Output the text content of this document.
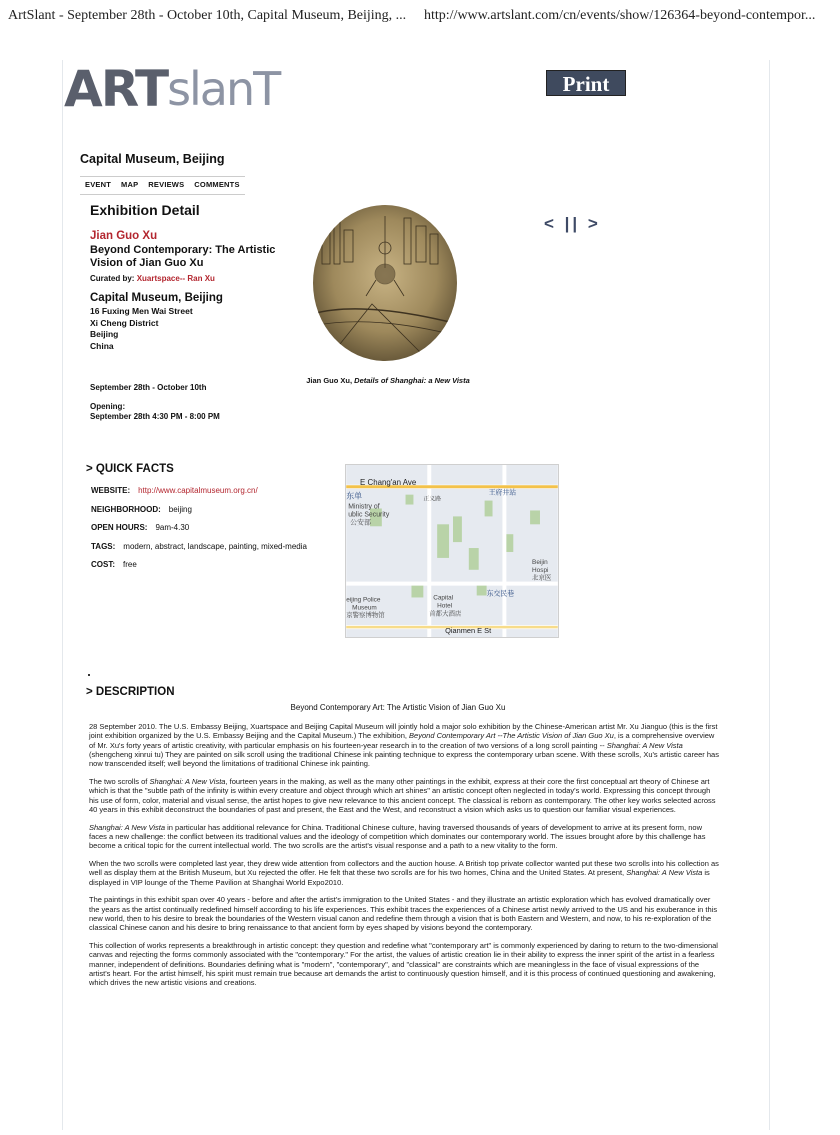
ArtSlant - September 28th - October 10th, Capital Museum, Beijing, ... http://www.artslant.com/cn/events/show/126364-beyond-contempor...
ART slanT	Print
Capital Museum, Beijing
EVENT	MAP	REVIEWS	COMMENTS
Exhibition Detail
Jian Guo Xu
Beyond Contemporary: The Artistic Vision of Jian Guo Xu
Curated by: Xuartspace-- Ran Xu
Capital Museum, Beijing
16 Fuxing Men Wai Street
Xi Cheng District
Beijing
China
September 28th - October 10th
Opening:
September 28th 4:30 PM - 8:00 PM
Jian Guo Xu, Details of Shanghai: a New Vista
< || >
> QUICK FACTS
WEBSITE: http://www.capitalmuseum.org.cn/
NEIGHBORHOOD: beijing
OPEN HOURS: 9am-4.30
TAGS: modern, abstract, landscape, painting, mixed-media
COST: free
E Chang'an Ave
东单	王府井站
Ministry of
ublic Security
公安部
正义路
Beijin
Hospi
北京医
eijing Police
Museum
京警察博物馆
Capital
Hotel
首都大酒店
东交民巷
Qianmen E St
> DESCRIPTION
Beyond Contemporary Art: The Artistic Vision of Jian Guo Xu

28 September 2010. The U.S. Embassy Beijing, Xuartspace and Beijing Capital Museum will jointly hold a major solo exhibition by the Chinese-American artist Mr. Xu Jianguo (this is the first joint exhibition organized by the U.S. Embassy Beijing and the Capital Museum.) The exhibition, Beyond Contemporary Art --The Artistic Vision of Jian Guo Xu, is a comprehensive overview of Mr. Xu's forty years of artistic creativity, with particular emphasis on his fourteen-year research in to the creation of two versions of a long scroll painting -- Shanghai: A New Vista (shengcheng xinrui tu) They are painted on silk scroll using the traditional Chinese ink painting technique to express the contemporary urban scene. With these scrolls, Xu's artistic career has now transcended itself; well beyond the limitations of traditional Chinese ink painting.

The two scrolls of Shanghai: A New Vista, fourteen years in the making, as well as the many other paintings in the exhibit, express at their core the first conceptual art theory of Chinese art which is that the "subtle path of the infinity is within every creature and object through which art shines" an artistic concept often neglected in today's world. Expressing this concept through his use of form, color, material and visual sense, the artist hopes to give new relevance to this ancient concept. The classical is reborn as contemporary. The other key works selected across 40 years in this exhibit deconstruct the boundaries of past and present, the East and the West, and reconstruct a vision which asks us to question our familiar visual experiences.

Shanghai: A New Vista in particular has additional relevance for China. Traditional Chinese culture, having traversed thousands of years of development to arrive at its present form, now faces a new challenge: the conflict between its traditional values and the ideology of competition which dominates our contemporary world. The issues brought afore by this challenge has become a critical topic for the current intellectual world. The two scrolls are the artist's visual response and a path to a new vitality to the form.

When the two scrolls were completed last year, they drew wide attention from collectors and the auction house. A British top private collector wanted put these two scrolls into his collection as well as display them at the British Museum, but Xu rejected the offer. He felt that these two scrolls are for his two homes, China and the United States. At present, Shanghai: A New Vista is displayed in VIP lounge of the Theme Pavilion at Shanghai World Expo2010.

The paintings in this exhibit span over 40 years - before and after the artist's immigration to the United States - and they illustrate an artistic exploration which has evolved dramatically over the years as the artist continually redefined himself according to his life experiences. This exhibit traces the experiences of a Chinese artist newly arrived to the US and his exuberance in this new world, then to his desire to break the boundaries of the Western visual canon and redefine them through a vision that is both Eastern and Western, and now, to his re-exploration of the classical Chinese canon and his desire to bring renaissance to that ancient form by eyes shaped by visions beyond the contemporary.

This collection of works represents a breakthrough in artistic concept: they question and redefine what "contemporary art" is commonly experienced by daring to return to the two-dimensional canvas and rejecting the forms commonly associated with the "contemporary." For the artist, the values of artistic creation lie in their ability to express the inner spirit of the artist in a fearless manner, independent of definitions. Boundaries defining what is "modern", "contemporary", and "classical" are constraints which are meaningless in the face of visual expressions of the artist's heart. For the artist himself, his spirit must remain true because art demands the artist to continuously question himself, and it is this process of continued questioning and awakening, which drives the new artistic visions and creations.
